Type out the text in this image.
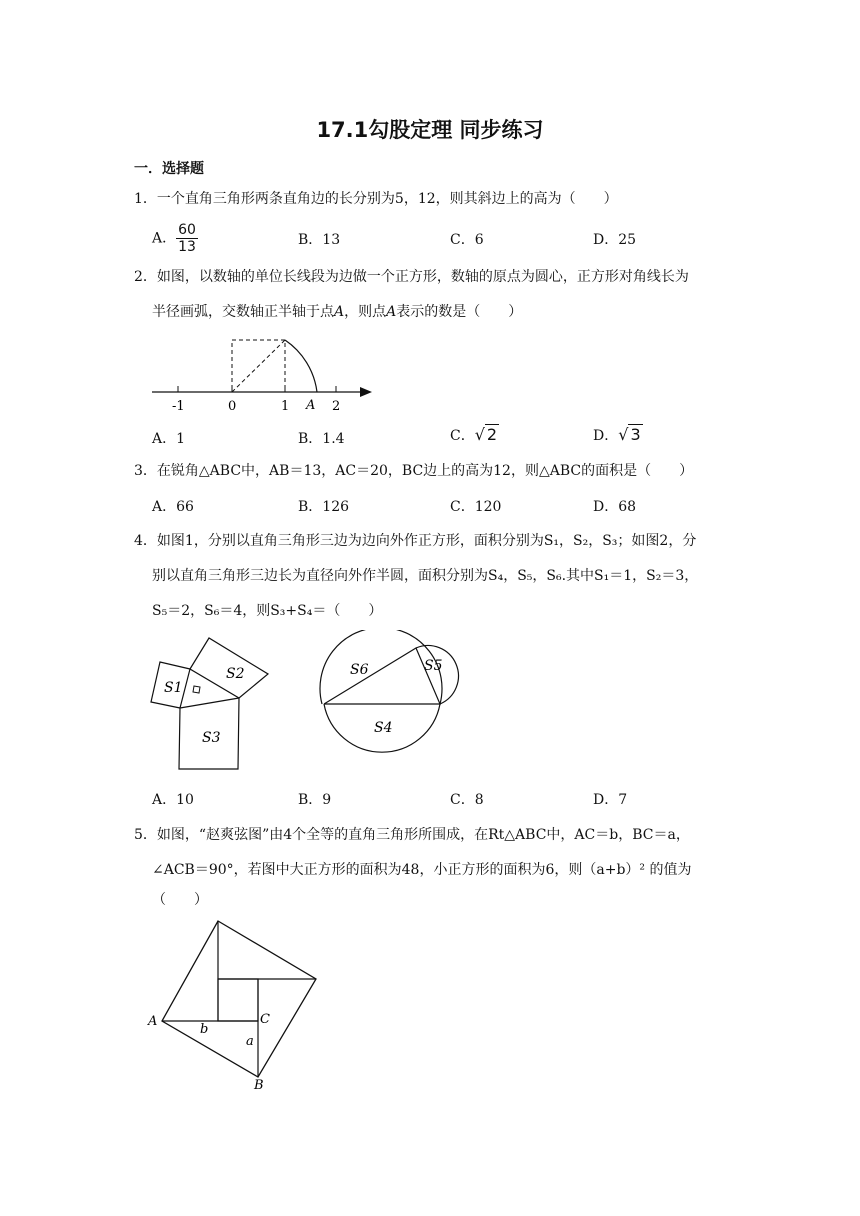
17.1勾股定理 同步练习
一．选择题
1．一个直角三角形两条直角边的长分别为5，12，则其斜边上的高为（　　）
A． $\frac{60}{13}$	B．13	C．6	D．25
2．如图，以数轴的单位长线段为边做一个正方形，数轴的原点为圆心，正方形对角线长为
半径画弧，交数轴正半轴于点A，则点A表示的数是（　　）
-1	0	1 A 2
A．1	B．1.4	C．√ 2	D．√ 3
3．在锐角△ABC中，AB＝13，AC＝20，BC边上的高为12，则△ABC的面积是（　　）
A．66	B．126	C．120	D．68
4．如图1，分别以直角三角形三边为边向外作正方形，面积分别为S₁，S₂，S₃；如图2，分
别以直角三角形三边长为直径向外作半圆，面积分别为S₄，S₅，S₆.其中S₁＝1，S₂＝3，
S₅＝2，S₆＝4，则S₃+S₄＝（　　）
S1
S2
S3
S6	S5
S4
A．10	B．9	C．8	D．7
5．如图，“赵爽弦图”由4个全等的直角三角形所围成，在Rt△ABC中，AC＝b，BC＝a，
∠ACB＝90°，若图中大正方形的面积为48，小正方形的面积为6，则（a+b）² 的值为
（　　）
A
b
C
a
B
